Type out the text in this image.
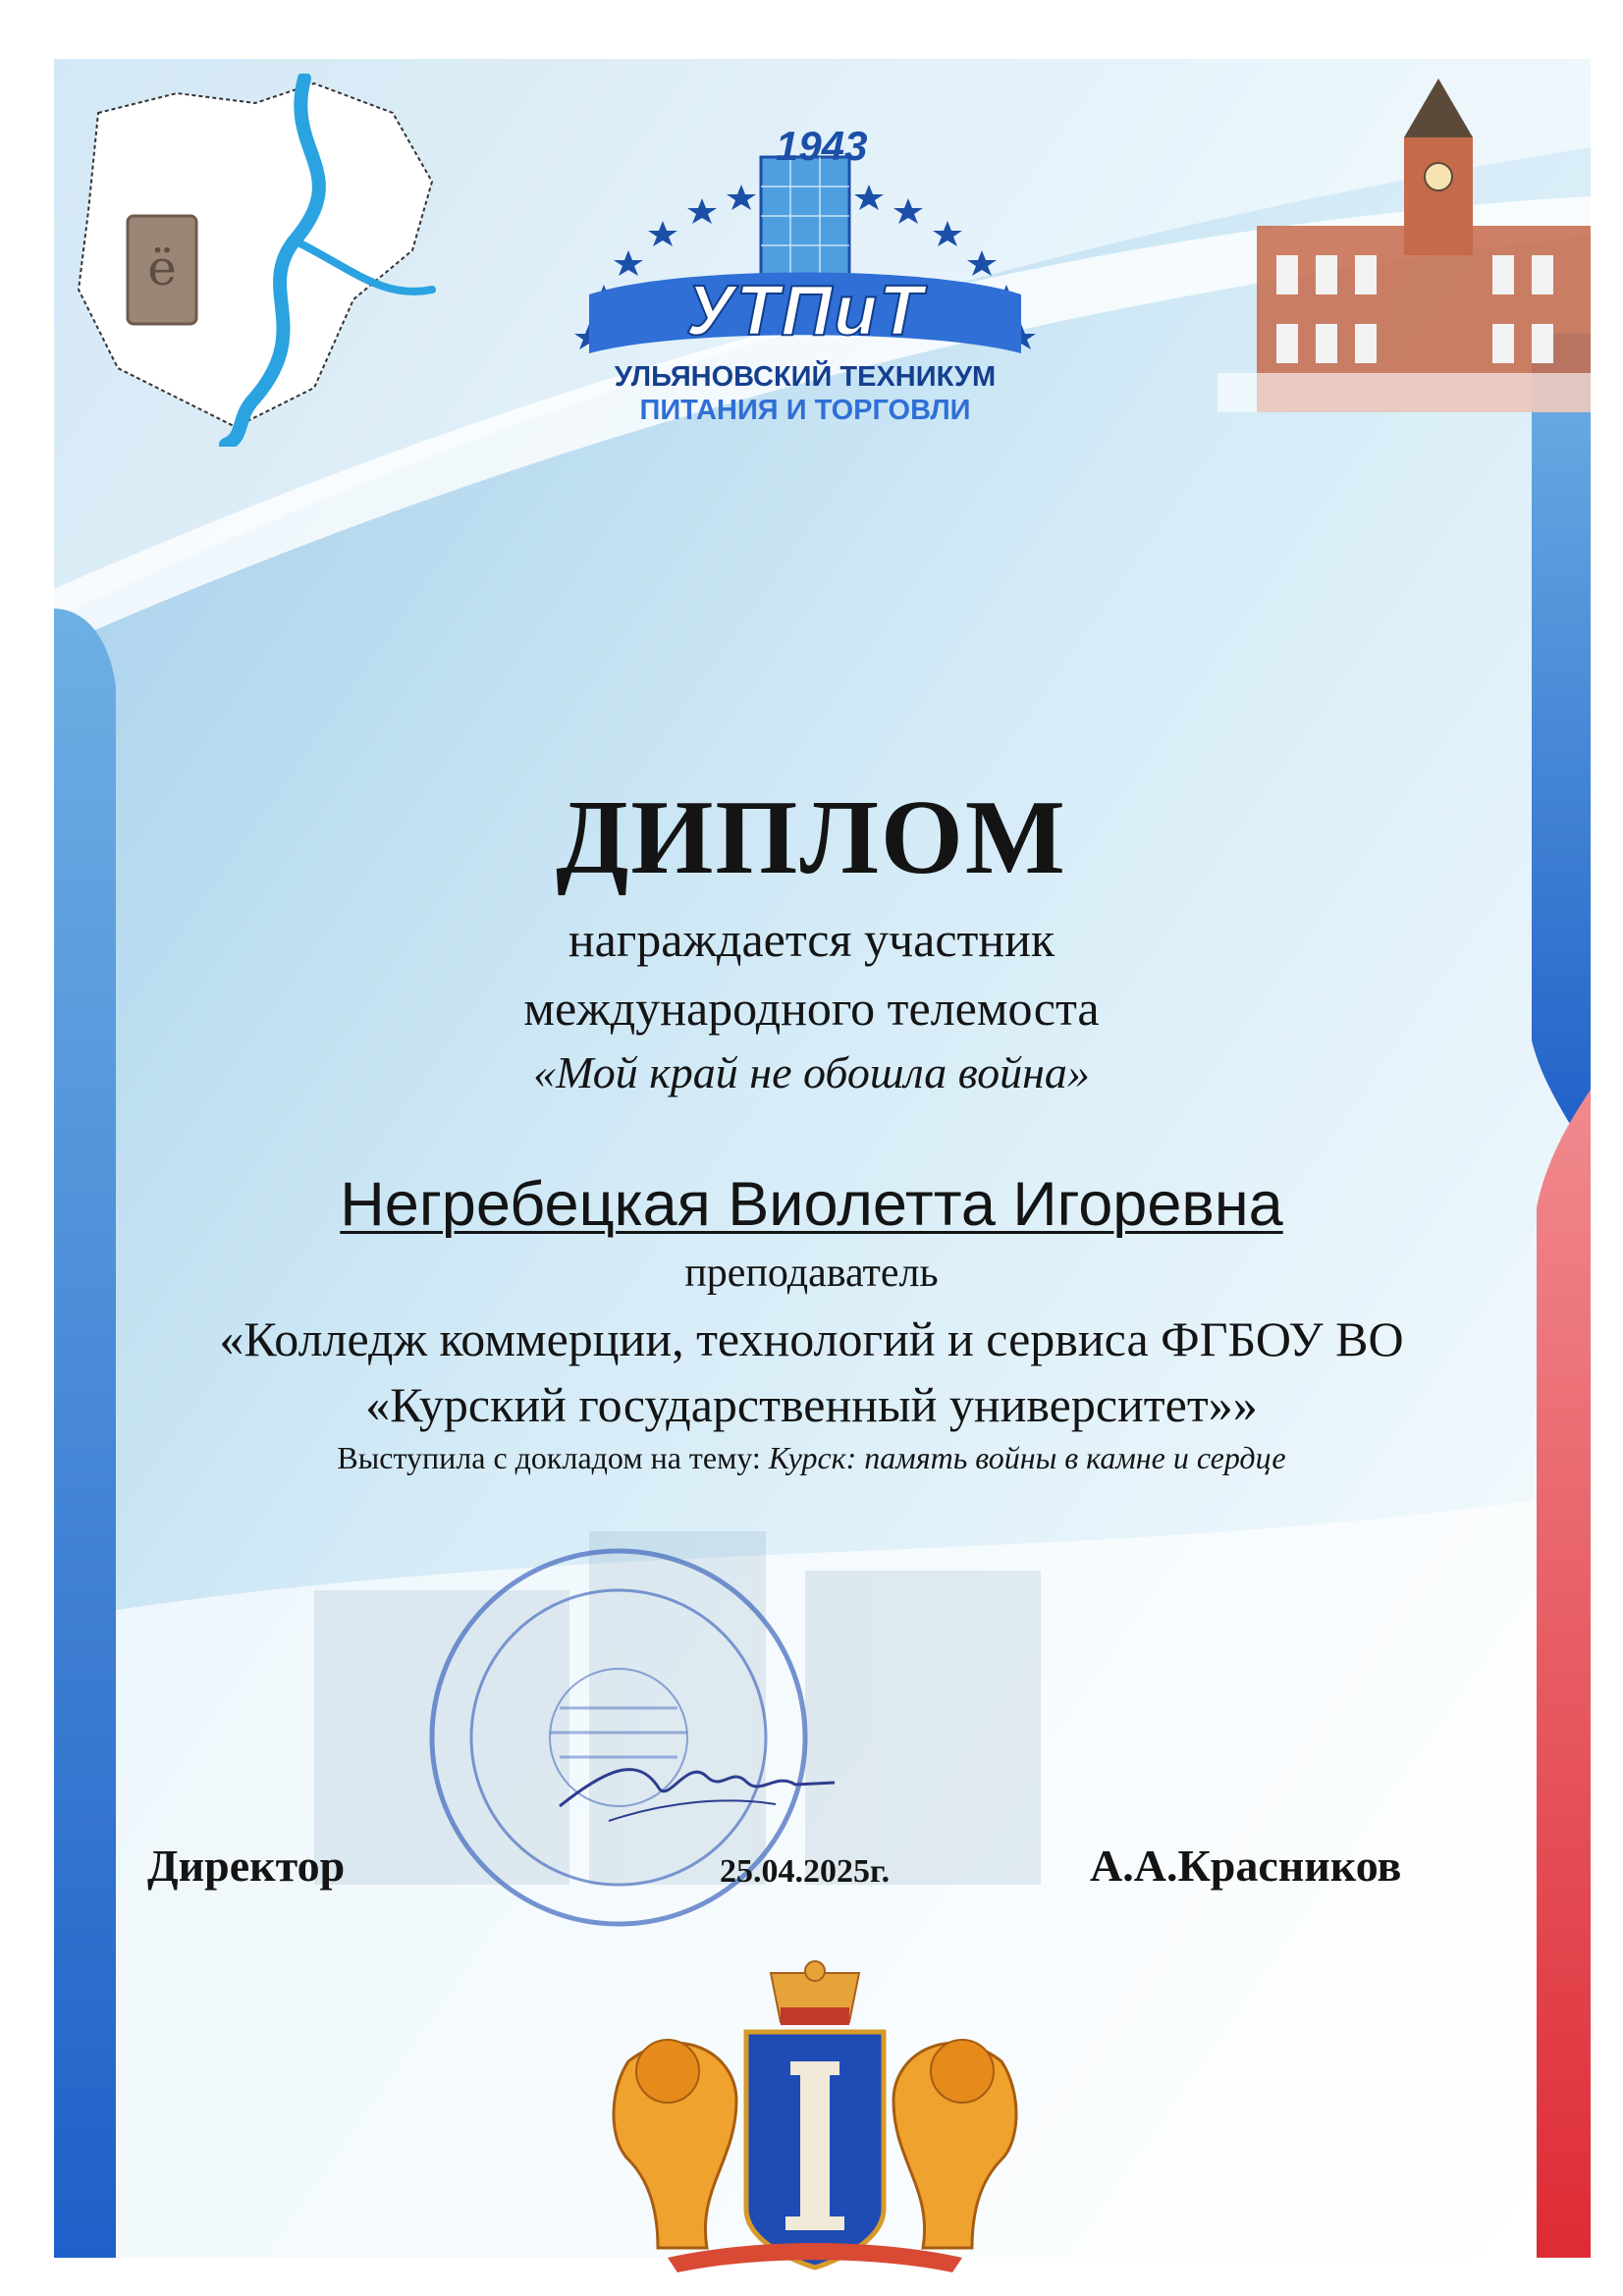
ё
1943
УТПиТ
УЛЬЯНОВСКИЙ ТЕХНИКУМ
ПИТАНИЯ И ТОРГОВЛИ
ДИПЛОМ
награждается участник
международного телемоста
«Мой край не обошла война»
Негребецкая Виолетта Игоревна
преподаватель
«Колледж коммерции, технологий и сервиса ФГБОУ ВО
«Курский государственный университет»»
Выступила с докладом на тему: Курск: память войны в камне и сердце
Директор	25.04.2025г.	А.А.Красников
